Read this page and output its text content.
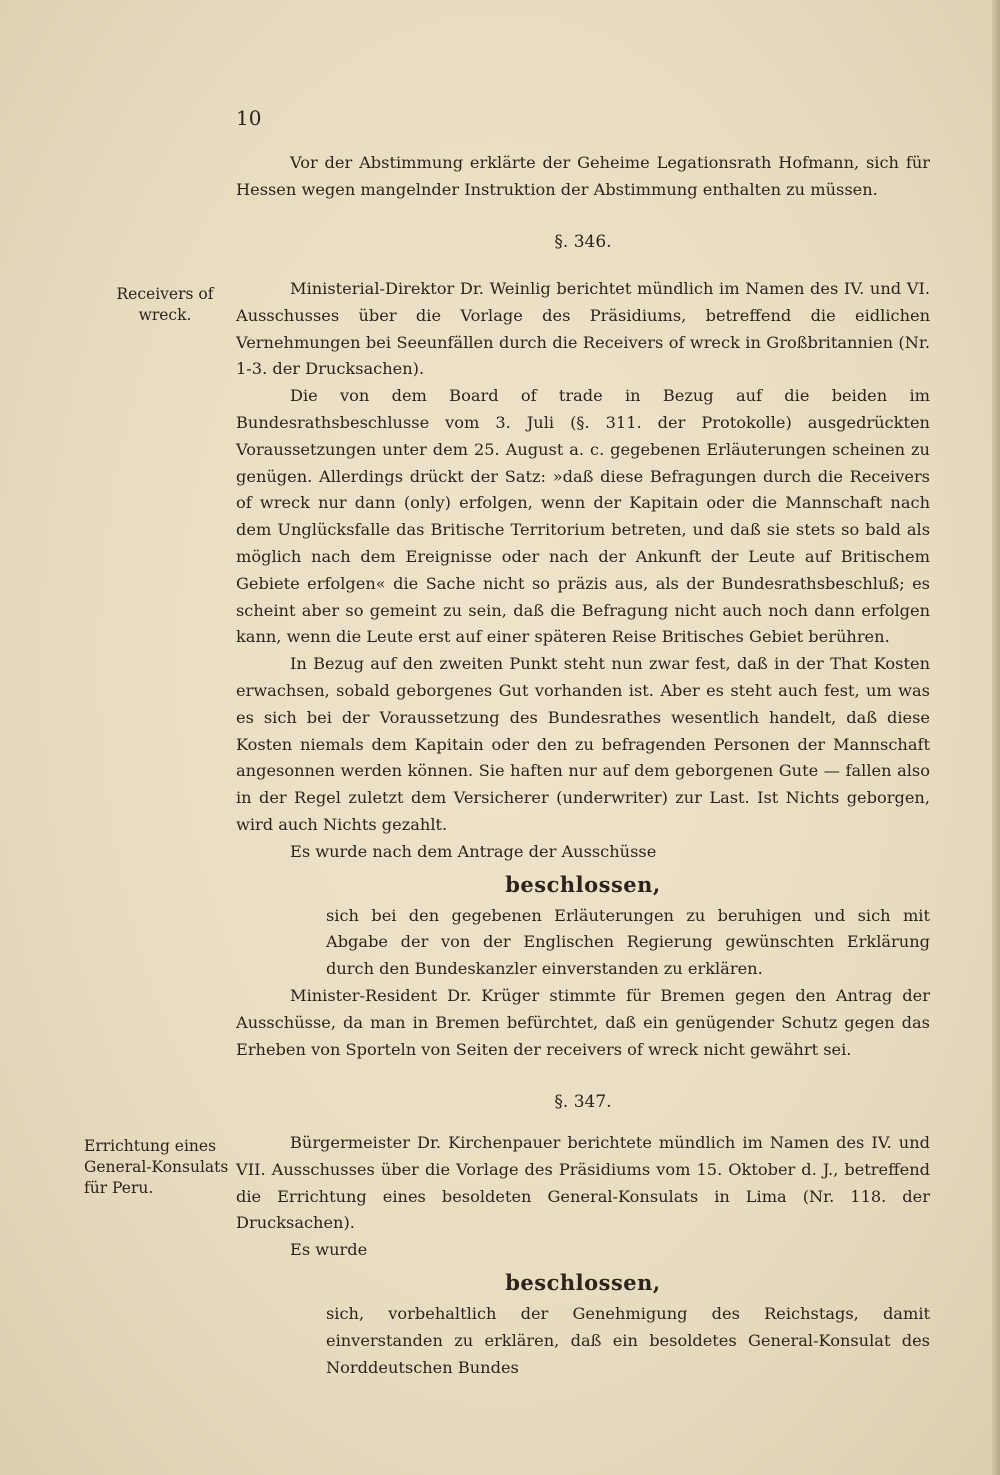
10

Vor der Abstimmung erklärte der Geheime Legationsrath Hofmann, sich für Hessen wegen mangelnder Instruktion der Abstimmung enthalten zu müssen.

Receivers of wreck.

§. 346.

Ministerial-Direktor Dr. Weinlig berichtet mündlich im Namen des IV. und VI. Ausschusses über die Vorlage des Präsidiums, betreffend die eidlichen Vernehmungen bei Seeunfällen durch die Receivers of wreck in Großbritannien (Nr. 1-3. der Drucksachen).

Die von dem Board of trade in Bezug auf die beiden im Bundesrathsbeschlusse vom 3. Juli (§. 311. der Protokolle) ausgedrückten Voraussetzungen unter dem 25. August a. c. gegebenen Erläuterungen scheinen zu genügen. Allerdings drückt der Satz: »daß diese Befragungen durch die Receivers of wreck nur dann (only) erfolgen, wenn der Kapitain oder die Mannschaft nach dem Unglücksfalle das Britische Territorium betreten, und daß sie stets so bald als möglich nach dem Ereignisse oder nach der Ankunft der Leute auf Britischem Gebiete erfolgen« die Sache nicht so präzis aus, als der Bundesrathsbeschluß; es scheint aber so gemeint zu sein, daß die Befragung nicht auch noch dann erfolgen kann, wenn die Leute erst auf einer späteren Reise Britisches Gebiet berühren.

In Bezug auf den zweiten Punkt steht nun zwar fest, daß in der That Kosten erwachsen, sobald geborgenes Gut vorhanden ist. Aber es steht auch fest, um was es sich bei der Voraussetzung des Bundesrathes wesentlich handelt, daß diese Kosten niemals dem Kapitain oder den zu befragenden Personen der Mannschaft angesonnen werden können. Sie haften nur auf dem geborgenen Gute — fallen also in der Regel zuletzt dem Versicherer (underwriter) zur Last. Ist Nichts geborgen, wird auch Nichts gezahlt.

Es wurde nach dem Antrage der Ausschüsse

beschlossen,

sich bei den gegebenen Erläuterungen zu beruhigen und sich mit Abgabe der von der Englischen Regierung gewünschten Erklärung durch den Bundeskanzler einverstanden zu erklären.

Minister-Resident Dr. Krüger stimmte für Bremen gegen den Antrag der Ausschüsse, da man in Bremen befürchtet, daß ein genügender Schutz gegen das Erheben von Sporteln von Seiten der receivers of wreck nicht gewährt sei.

Errichtung eines General-Konsulats für Peru.

§. 347.

Bürgermeister Dr. Kirchenpauer berichtete mündlich im Namen des IV. und VII. Ausschusses über die Vorlage des Präsidiums vom 15. Oktober d. J., betreffend die Errichtung eines besoldeten General-Konsulats in Lima (Nr. 118. der Drucksachen).

Es wurde

beschlossen,

sich, vorbehaltlich der Genehmigung des Reichstags, damit einverstanden zu erklären, daß ein besoldetes General-Konsulat des Norddeutschen Bundes
